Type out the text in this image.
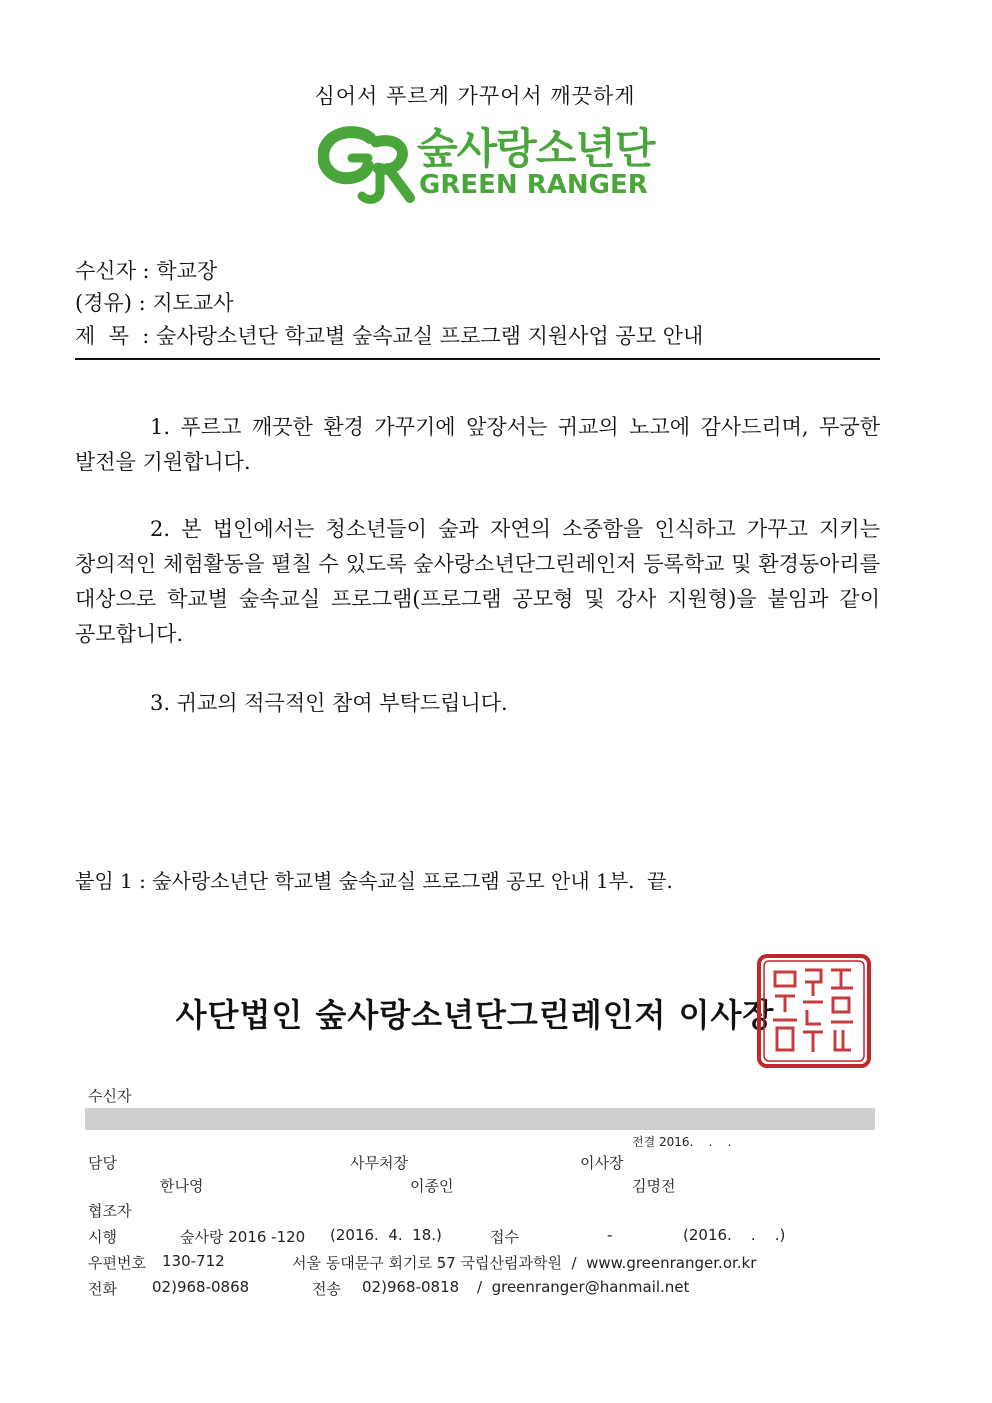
심어서 푸르게 가꾸어서 깨끗하게
숲사랑소년단
GREEN RANGER
수신자 : 학교장
(경유) : 지도교사
제  목  : 숲사랑소년단 학교별 숲속교실 프로그램 지원사업 공모 안내
1. 푸르고 깨끗한 환경 가꾸기에 앞장서는 귀교의 노고에 감사드리며, 무궁한 발전을 기원합니다.
2. 본 법인에서는 청소년들이 숲과 자연의 소중함을 인식하고 가꾸고 지키는 창의적인 체험활동을 펼칠 수 있도록 숲사랑소년단그린레인저 등록학교 및 환경동아리를 대상으로 학교별 숲속교실 프로그램(프로그램 공모형 및 강사 지원형)을 붙임과 같이 공모합니다.
3. 귀교의 적극적인 참여 부탁드립니다.
붙임 1 : 숲사랑소년단 학교별 숲속교실 프로그램 공모 안내 1부.  끝.
사단법인 숲사랑소년단그린레인저 이사장
수신자
전결 2016.    .    .
담당	사무처장	이사장
한나영	이종인	김명전
협조자
시행	숲사랑 2016 -120 (2016.  4.  18.)	접수	-	(2016.    .    .)
우편번호 130-712	서울 동대문구 회기로 57 국립산림과학원  /  www.greenranger.or.kr
전화 02)968-0868	전송 02)968-0818 /  greenranger@hanmail.net
